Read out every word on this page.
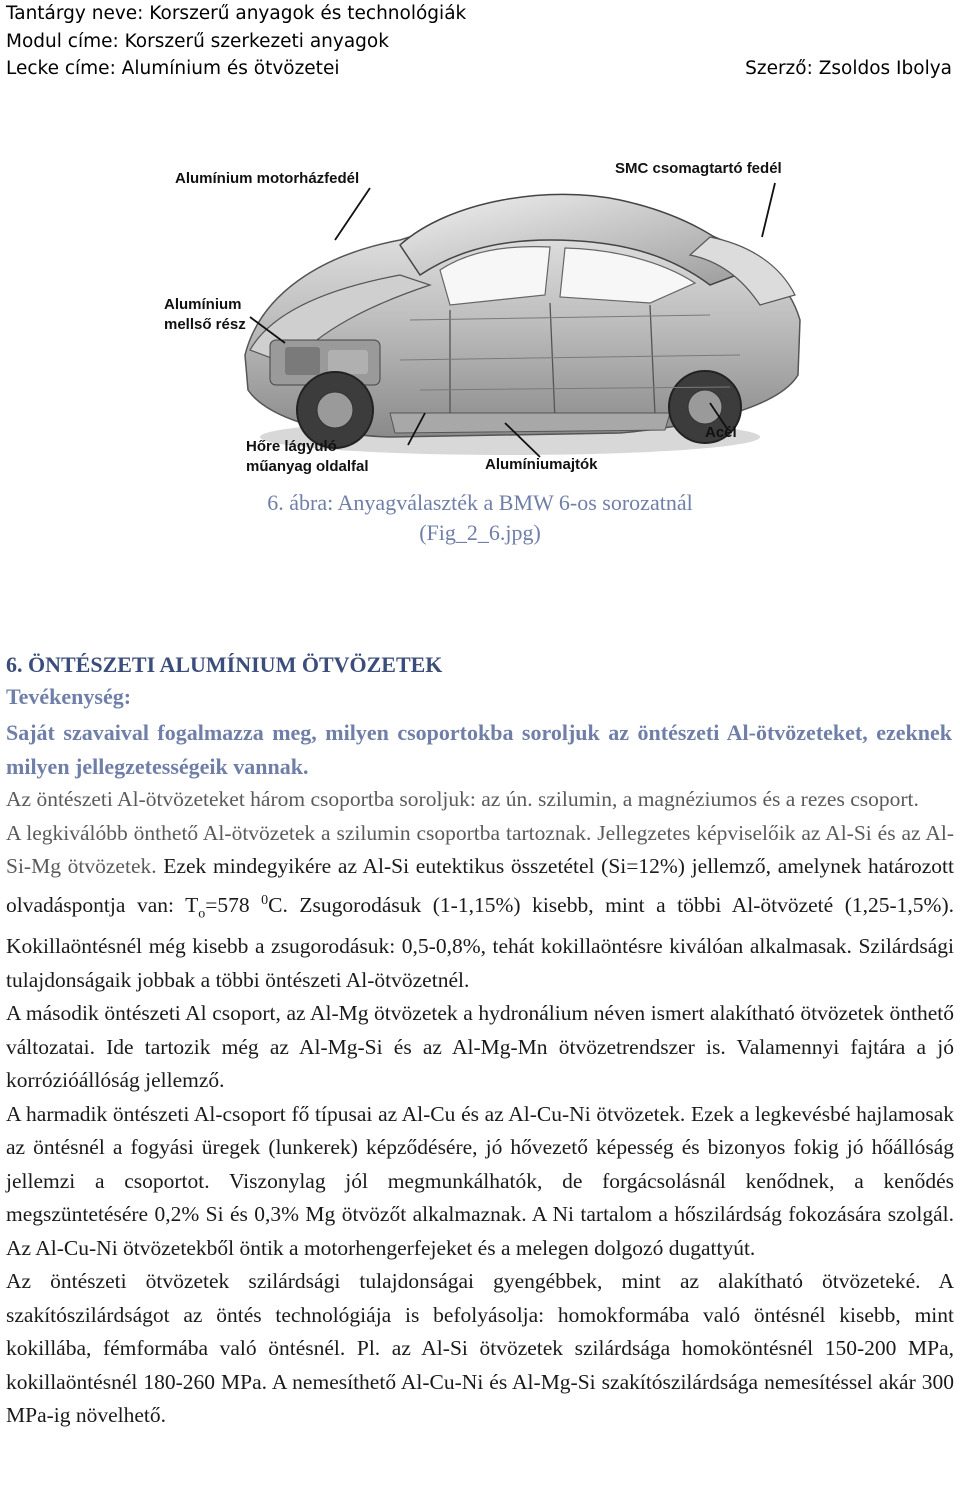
Tantárgy neve: Korszerű anyagok és technológiák
Modul címe: Korszerű szerkezeti anyagok
Lecke címe: Alumínium és ötvözetei	Szerző: Zsoldos Ibolya
Alumínium motorházfedél
SMC csomagtartó fedél
Alumínium
mellső rész
Hőre lágyuló
műanyag oldalfal	Alumíniumajtók
Acél
6. ábra: Anyagválaszték a BMW 6-os sorozatnál
(Fig_2_6.jpg)
6. ÖNTÉSZETI ALUMÍNIUM ÖTVÖZETEK
Tevékenység:
Saját szavaival fogalmazza meg, milyen csoportokba soroljuk az öntészeti Al-ötvözeteket, ezeknek milyen jellegzetességeik vannak.

Az öntészeti Al-ötvözeteket három csoportba soroljuk: az ún. szilumin, a magnéziumos és a rezes csoport.

A legkiválóbb önthető Al-ötvözetek a szilumin csoportba tartoznak. Jellegzetes képviselőik az Al-Si és az Al-Si-Mg ötvözetek. Ezek mindegyikére az Al-Si eutektikus összetétel (Si=12%) jellemző, amelynek határozott olvadáspontja van: $T_o=578$ $^0$C. Zsugorodásuk (1-1,15%) kisebb, mint a többi Al-ötvözeté (1,25-1,5%). Kokillaöntésnél még kisebb a zsugorodásuk: 0,5-0,8%, tehát kokillaöntésre kiválóan alkalmasak. Szilárdsági tulajdonságaik jobbak a többi öntészeti Al-ötvözetnél.

A második öntészeti Al csoport, az Al-Mg ötvözetek a hydronálium néven ismert alakítható ötvözetek önthető változatai. Ide tartozik még az Al-Mg-Si és az Al-Mg-Mn ötvözetrendszer is. Valamennyi fajtára a jó korrózióállóság jellemző.

A harmadik öntészeti Al-csoport fő típusai az Al-Cu és az Al-Cu-Ni ötvözetek. Ezek a legkevésbé hajlamosak az öntésnél a fogyási üregek (lunkerek) képződésére, jó hővezető képesség és bizonyos fokig jó hőállóság jellemzi a csoportot. Viszonylag jól megmunkálhatók, de forgácsolásnál kenődnek, a kenődés megszüntetésére 0,2% Si és 0,3% Mg ötvözőt alkalmaznak. A Ni tartalom a hőszilárdság fokozására szolgál. Az Al-Cu-Ni ötvözetekből öntik a motorhengerfejeket és a melegen dolgozó dugattyút.

Az öntészeti ötvözetek szilárdsági tulajdonságai gyengébbek, mint az alakítható ötvözeteké. A szakítószilárdságot az öntés technológiája is befolyásolja: homokformába való öntésnél kisebb, mint kokillába, fémformába való öntésnél. Pl. az Al-Si ötvözetek szilárdsága homoköntésnél 150-200 MPa, kokillaöntésnél 180-260 MPa. A nemesíthető Al-Cu-Ni és Al-Mg-Si szakítószilárdsága nemesítéssel akár 300 MPa-ig növelhető.
